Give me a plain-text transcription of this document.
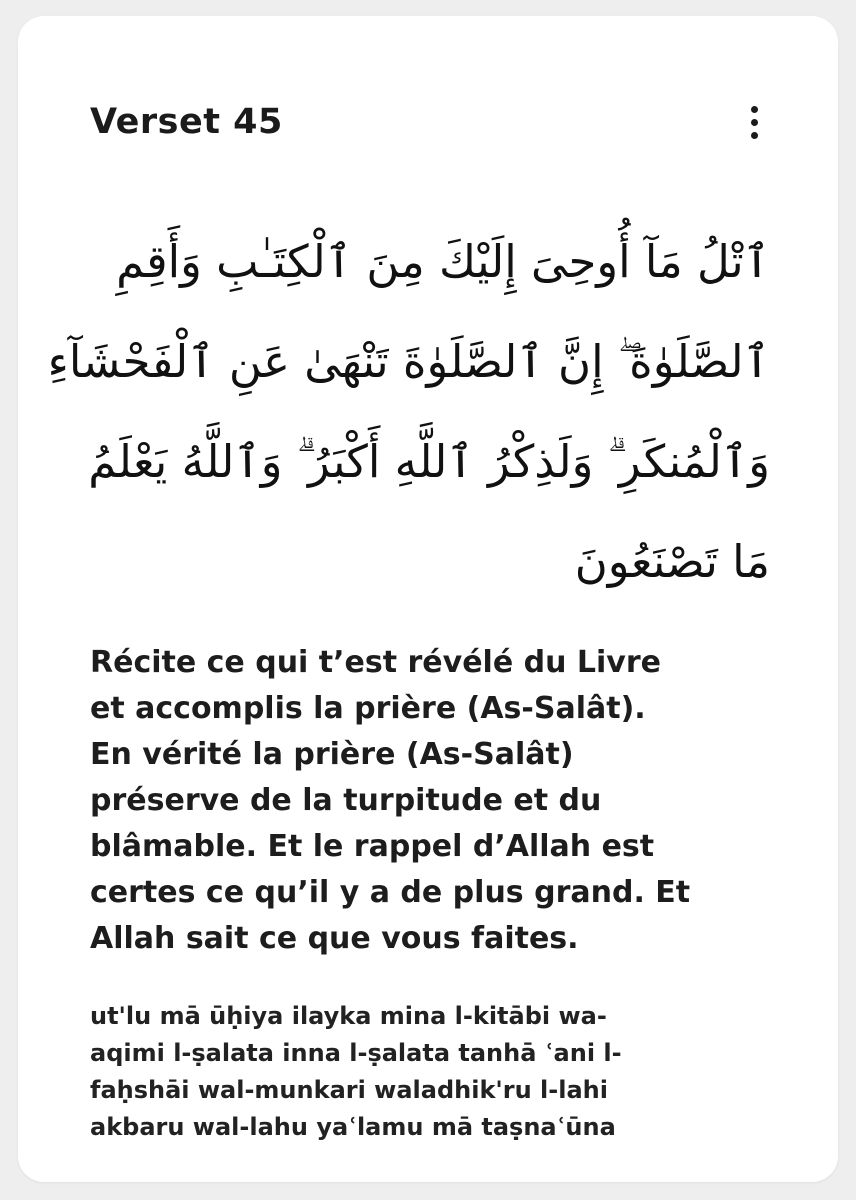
Verset 45
ٱتْلُ مَآ أُوحِىَ إِلَيْكَ مِنَ ٱلْكِتَـٰبِ وَأَقِمِ
ٱلصَّلَوٰةَ ۖ إِنَّ ٱلصَّلَوٰةَ تَنْهَىٰ عَنِ ٱلْفَحْشَآءِ
وَٱلْمُنكَرِ ۗ وَلَذِكْرُ ٱللَّهِ أَكْبَرُ ۗ وَٱللَّهُ يَعْلَمُ
مَا تَصْنَعُونَ
Récite ce qui t’est révélé du Livre
et accomplis la prière (As-Salât).
En vérité la prière (As-Salât)
préserve de la turpitude et du
blâmable. Et le rappel d’Allah est
certes ce qu’il y a de plus grand. Et
Allah sait ce que vous faites.
ut'lu mā ūḥiya ilayka mina l-kitābi wa-
aqimi l-ṣalata inna l-ṣalata tanhā ʿani l-
faḥshāi wal-munkari waladhik'ru l-lahi
akbaru wal-lahu yaʿlamu mā taṣnaʿūna
